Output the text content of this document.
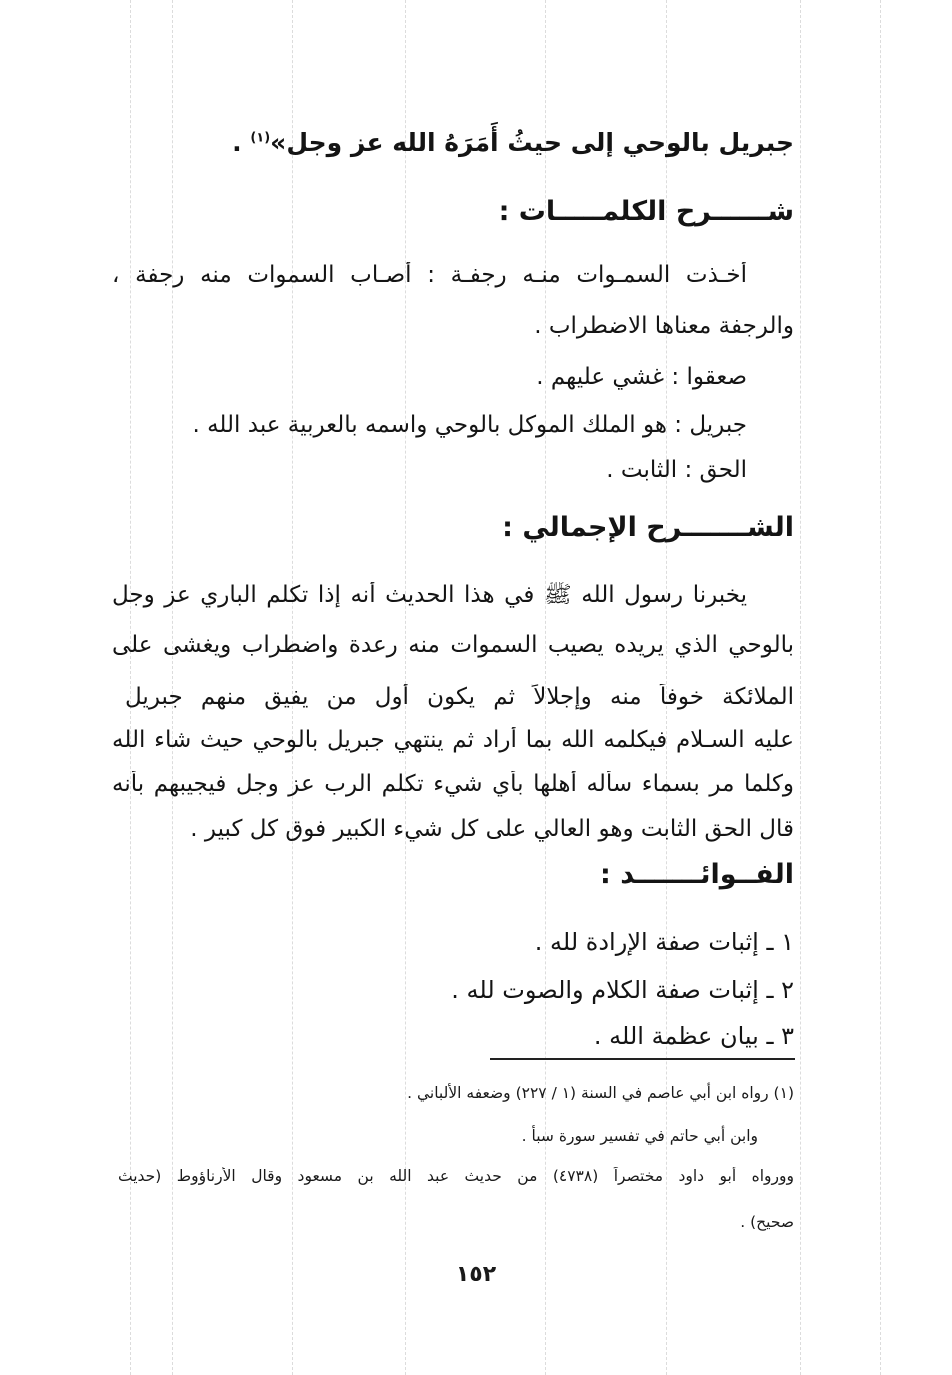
جبريل بالوحي إلى حيثُ أَمَرَهُ الله عز وجل»$^{(١)}$ .
شــــــرح الكلمـــــات :
أخـذت السمـوات منـه رجفـة : أصـاب السموات منه رجفة ،
والرجفة معناها الاضطراب .
صعقوا : غشي عليهم .
جبريل : هو الملك الموكل بالوحي واسمه بالعربية عبد الله .
الحق : الثابت .
الشـــــــرح الإجمالي :
يخبرنا رسول الله ﷺ في هذا الحديث أنه إذا تكلم الباري عز وجل
بالوحي الذي يريده يصيب السموات منه رعدة واضطراب ويغشى على
الملائكة خوفاً منه وإجلالاً ثم يكون أول من يفيق منهم جبريل
عليه السـلام فيكلمه الله بما أراد ثم ينتهي جبريل بالوحي حيث شاء الله
وكلما مر بسماء سأله أهلها بأي شيء تكلم الرب عز وجل فيجيبهم بأنه
قال الحق الثابت وهو العالي على كل شيء الكبير فوق كل كبير .
الفــوائـــــــد :
١ ـ إثبات صفة الإرادة لله .
٢ ـ إثبات صفة الكلام والصوت لله .
٣ ـ بيان عظمة الله .
(١) رواه ابن أبي عاصم في السنة (١ / ٢٢٧) وضعفه الألباني .
وابن أبي حاتم في تفسير سورة سبأ .
وورواه أبو داود مختصراً (٤٧٣٨) من حديث عبد الله بن مسعود وقال الأرناؤوط (حديث
صحيح) .
١٥٢
